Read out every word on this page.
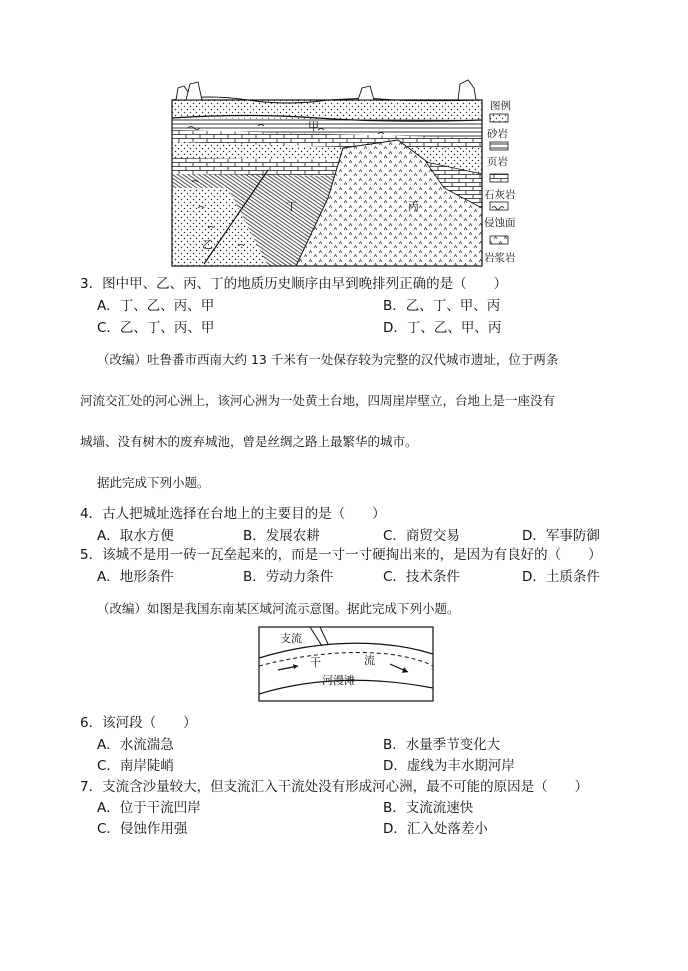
甲
丁
乙
丙
图例
砂岩
页岩
石灰岩
侵蚀面
岩浆岩
3．图中甲、乙、丙、丁的地质历史顺序由早到晚排列正确的是（　　）
A．丁、乙、丙、甲	B．乙、丁、甲、丙
C．乙、丁、丙、甲	D．丁、乙、甲、丙
（改编）吐鲁番市西南大约 13 千米有一处保存较为完整的汉代城市遗址，位于两条
河流交汇处的河心洲上，该河心洲为一处黄土台地，四周崖岸壁立，台地上是一座没有
城墙、没有树木的废弃城池，曾是丝绸之路上最繁华的城市。
据此完成下列小题。
4．古人把城址选择在台地上的主要目的是（　　）
A．取水方便	B．发展农耕	C．商贸交易	D．军事防御
5．该城不是用一砖一瓦垒起来的，而是一寸一寸硬掏出来的，是因为有良好的（　　）
A．地形条件	B．劳动力条件	C．技术条件	D．土质条件
（改编）如图是我国东南某区域河流示意图。据此完成下列小题。
支流
干	流
河漫滩
6．该河段（　　）
A．水流湍急	B．水量季节变化大
C．南岸陡峭	D．虚线为丰水期河岸
7．支流含沙量较大，但支流汇入干流处没有形成河心洲，最不可能的原因是（　　）
A．位于干流凹岸	B．支流流速快
C．侵蚀作用强	D．汇入处落差小
